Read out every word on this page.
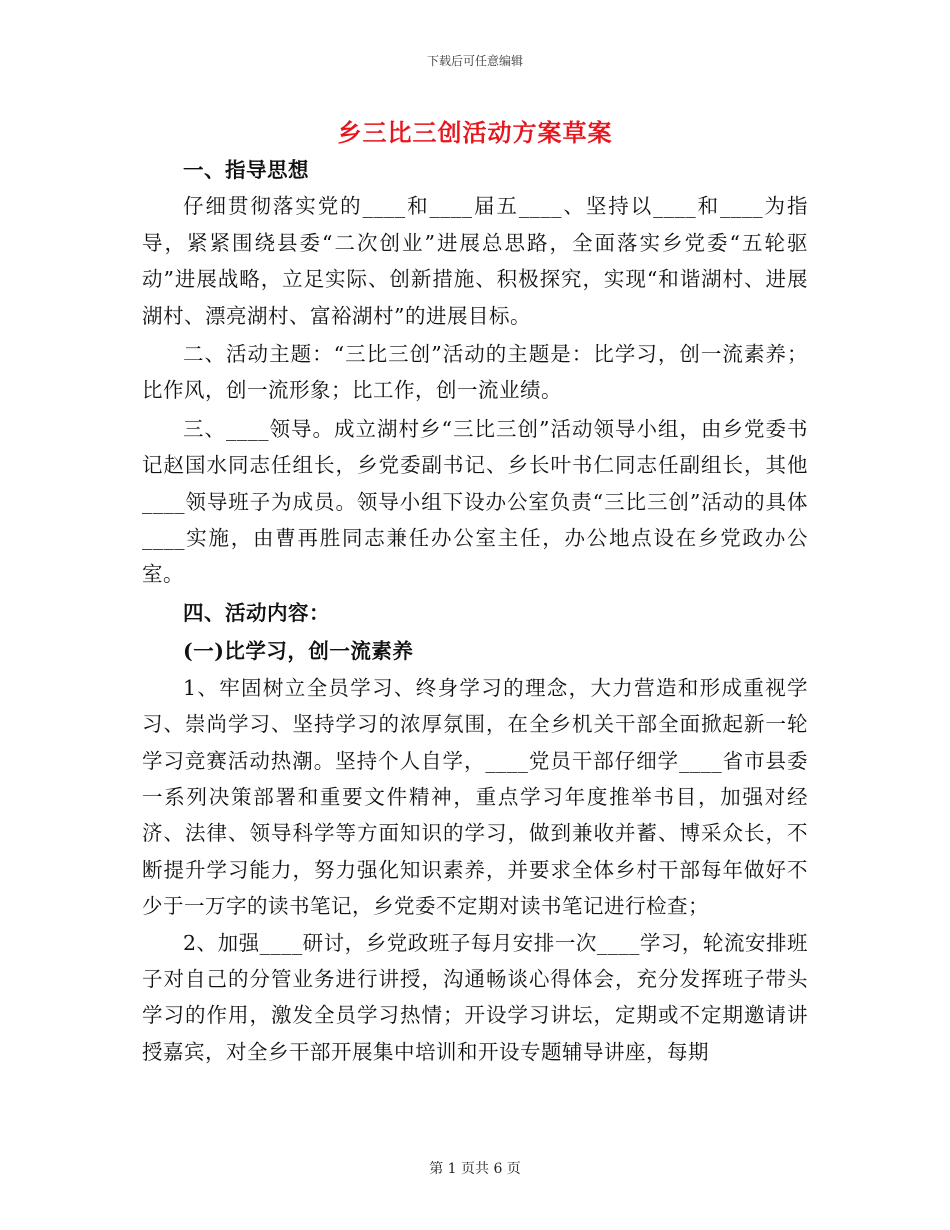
下载后可任意编辑
乡三比三创活动方案草案

一、指导思想

仔细贯彻落实党的____和____届五____、坚持以____和____为指导，紧紧围绕县委“二次创业”进展总思路，全面落实乡党委“五轮驱动”进展战略，立足实际、创新措施、积极探究，实现“和谐湖村、进展湖村、漂亮湖村、富裕湖村”的进展目标。

二、活动主题：“三比三创”活动的主题是：比学习，创一流素养；比作风，创一流形象；比工作，创一流业绩。

三、____领导。成立湖村乡“三比三创”活动领导小组，由乡党委书记赵国水同志任组长，乡党委副书记、乡长叶书仁同志任副组长，其他____领导班子为成员。领导小组下设办公室负责“三比三创”活动的具体____实施，由曹再胜同志兼任办公室主任，办公地点设在乡党政办公室。

四、活动内容：

(一)比学习，创一流素养

1、牢固树立全员学习、终身学习的理念，大力营造和形成重视学习、崇尚学习、坚持学习的浓厚氛围，在全乡机关干部全面掀起新一轮学习竞赛活动热潮。坚持个人自学，____党员干部仔细学____省市县委一系列决策部署和重要文件精神，重点学习年度推举书目，加强对经济、法律、领导科学等方面知识的学习，做到兼收并蓄、博采众长，不断提升学习能力，努力强化知识素养，并要求全体乡村干部每年做好不少于一万字的读书笔记，乡党委不定期对读书笔记进行检查；

2、加强____研讨，乡党政班子每月安排一次____学习，轮流安排班子对自己的分管业务进行讲授，沟通畅谈心得体会，充分发挥班子带头学习的作用，激发全员学习热情；开设学习讲坛，定期或不定期邀请讲授嘉宾，对全乡干部开展集中培训和开设专题辅导讲座，每期

第 1 页共 6 页
